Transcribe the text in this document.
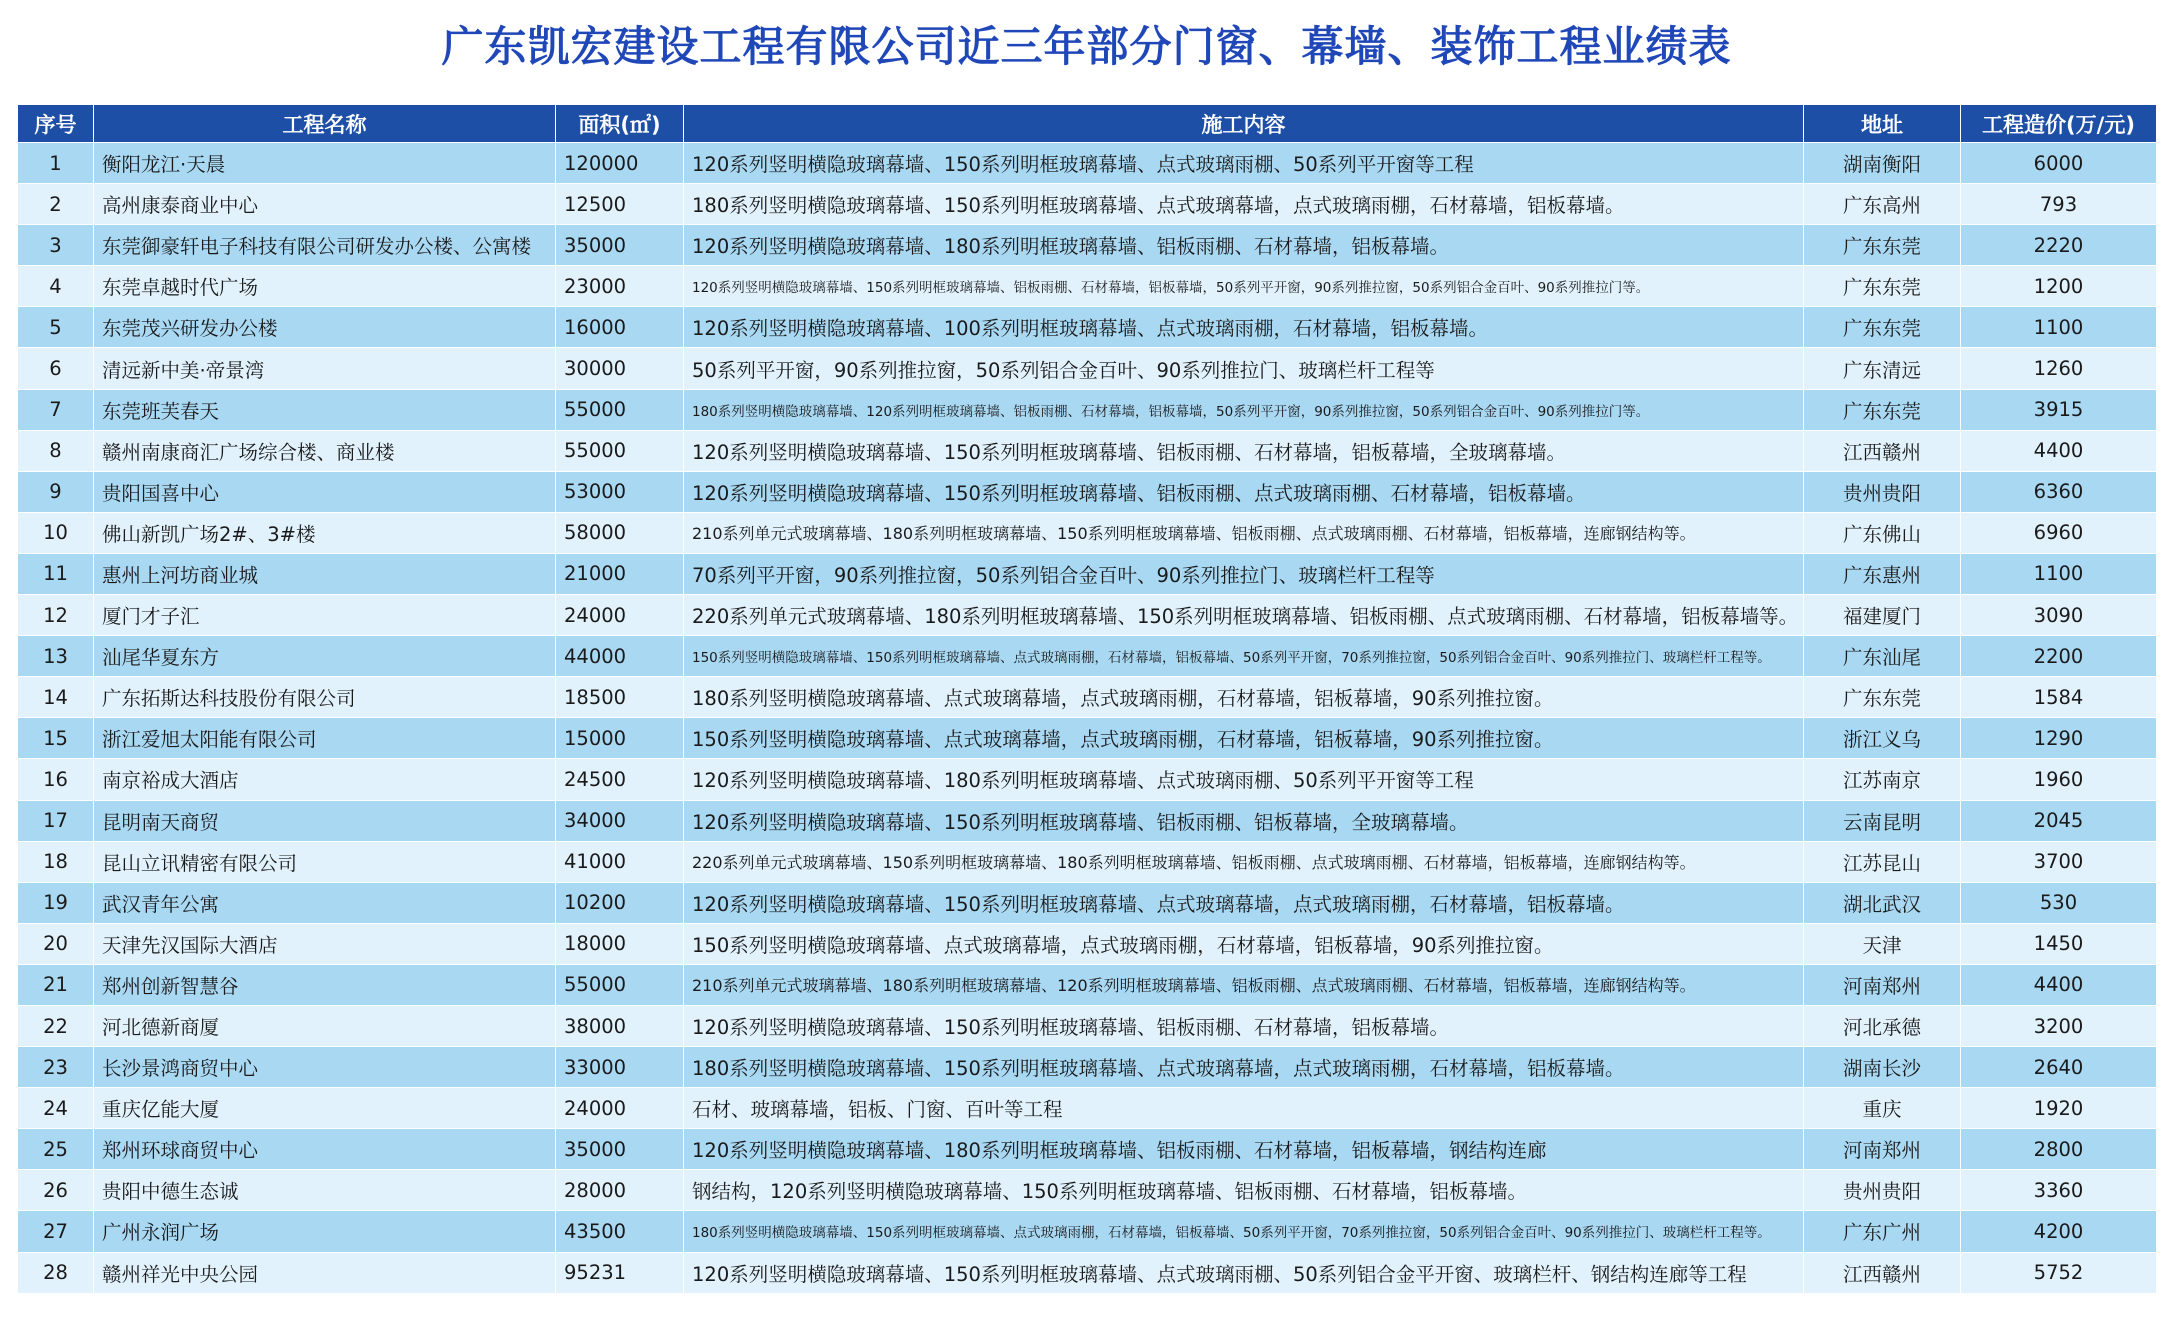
广东凯宏建设工程有限公司近三年部分门窗、幕墙、装饰工程业绩表
序号	工程名称	面积(㎡)	施工内容	地址	工程造价(万/元)
1	衡阳龙江·天晨	120000	120系列竖明横隐玻璃幕墙、150系列明框玻璃幕墙、点式玻璃雨棚、50系列平开窗等工程	湖南衡阳	6000
2	高州康泰商业中心	12500	180系列竖明横隐玻璃幕墙、150系列明框玻璃幕墙、点式玻璃幕墙，点式玻璃雨棚，石材幕墙，铝板幕墙。	广东高州	793
3	东莞御豪轩电子科技有限公司研发办公楼、公寓楼	35000	120系列竖明横隐玻璃幕墙、180系列明框玻璃幕墙、铝板雨棚、石材幕墙，铝板幕墙。	广东东莞	2220
4	东莞卓越时代广场	23000	120系列竖明横隐玻璃幕墙、150系列明框玻璃幕墙、铝板雨棚、石材幕墙，铝板幕墙，50系列平开窗，90系列推拉窗，50系列铝合金百叶、90系列推拉门等。	广东东莞	1200
5	东莞茂兴研发办公楼	16000	120系列竖明横隐玻璃幕墙、100系列明框玻璃幕墙、点式玻璃雨棚，石材幕墙，铝板幕墙。	广东东莞	1100
6	清远新中美·帝景湾	30000	50系列平开窗，90系列推拉窗，50系列铝合金百叶、90系列推拉门、玻璃栏杆工程等	广东清远	1260
7	东莞班芙春天	55000	180系列竖明横隐玻璃幕墙、120系列明框玻璃幕墙、铝板雨棚、石材幕墙，铝板幕墙，50系列平开窗，90系列推拉窗，50系列铝合金百叶、90系列推拉门等。	广东东莞	3915
8	赣州南康商汇广场综合楼、商业楼	55000	120系列竖明横隐玻璃幕墙、150系列明框玻璃幕墙、铝板雨棚、石材幕墙，铝板幕墙，全玻璃幕墙。	江西赣州	4400
9	贵阳国喜中心	53000	120系列竖明横隐玻璃幕墙、150系列明框玻璃幕墙、铝板雨棚、点式玻璃雨棚、石材幕墙，铝板幕墙。	贵州贵阳	6360
10	佛山新凯广场2#、3#楼	58000	210系列单元式玻璃幕墙、180系列明框玻璃幕墙、150系列明框玻璃幕墙、铝板雨棚、点式玻璃雨棚、石材幕墙，铝板幕墙，连廊钢结构等。	广东佛山	6960
11	惠州上河坊商业城	21000	70系列平开窗，90系列推拉窗，50系列铝合金百叶、90系列推拉门、玻璃栏杆工程等	广东惠州	1100
12	厦门才子汇	24000	220系列单元式玻璃幕墙、180系列明框玻璃幕墙、150系列明框玻璃幕墙、铝板雨棚、点式玻璃雨棚、石材幕墙，铝板幕墙等。	福建厦门	3090
13	汕尾华夏东方	44000	150系列竖明横隐玻璃幕墙、150系列明框玻璃幕墙、点式玻璃雨棚，石材幕墙，铝板幕墙、50系列平开窗，70系列推拉窗，50系列铝合金百叶、90系列推拉门、玻璃栏杆工程等。	广东汕尾	2200
14	广东拓斯达科技股份有限公司	18500	180系列竖明横隐玻璃幕墙、点式玻璃幕墙，点式玻璃雨棚，石材幕墙，铝板幕墙，90系列推拉窗。	广东东莞	1584
15	浙江爱旭太阳能有限公司	15000	150系列竖明横隐玻璃幕墙、点式玻璃幕墙，点式玻璃雨棚，石材幕墙，铝板幕墙，90系列推拉窗。	浙江义乌	1290
16	南京裕成大酒店	24500	120系列竖明横隐玻璃幕墙、180系列明框玻璃幕墙、点式玻璃雨棚、50系列平开窗等工程	江苏南京	1960
17	昆明南天商贸	34000	120系列竖明横隐玻璃幕墙、150系列明框玻璃幕墙、铝板雨棚、铝板幕墙，全玻璃幕墙。	云南昆明	2045
18	昆山立讯精密有限公司	41000	220系列单元式玻璃幕墙、150系列明框玻璃幕墙、180系列明框玻璃幕墙、铝板雨棚、点式玻璃雨棚、石材幕墙，铝板幕墙，连廊钢结构等。	江苏昆山	3700
19	武汉青年公寓	10200	120系列竖明横隐玻璃幕墙、150系列明框玻璃幕墙、点式玻璃幕墙，点式玻璃雨棚，石材幕墙，铝板幕墙。	湖北武汉	530
20	天津先汉国际大酒店	18000	150系列竖明横隐玻璃幕墙、点式玻璃幕墙，点式玻璃雨棚，石材幕墙，铝板幕墙，90系列推拉窗。	天津	1450
21	郑州创新智慧谷	55000	210系列单元式玻璃幕墙、180系列明框玻璃幕墙、120系列明框玻璃幕墙、铝板雨棚、点式玻璃雨棚、石材幕墙，铝板幕墙，连廊钢结构等。	河南郑州	4400
22	河北德新商厦	38000	120系列竖明横隐玻璃幕墙、150系列明框玻璃幕墙、铝板雨棚、石材幕墙，铝板幕墙。	河北承德	3200
23	长沙景鸿商贸中心	33000	180系列竖明横隐玻璃幕墙、150系列明框玻璃幕墙、点式玻璃幕墙，点式玻璃雨棚，石材幕墙，铝板幕墙。	湖南长沙	2640
24	重庆亿能大厦	24000	石材、玻璃幕墙，铝板、门窗、百叶等工程	重庆	1920
25	郑州环球商贸中心	35000	120系列竖明横隐玻璃幕墙、180系列明框玻璃幕墙、铝板雨棚、石材幕墙，铝板幕墙，钢结构连廊	河南郑州	2800
26	贵阳中德生态诚	28000	钢结构，120系列竖明横隐玻璃幕墙、150系列明框玻璃幕墙、铝板雨棚、石材幕墙，铝板幕墙。	贵州贵阳	3360
27	广州永润广场	43500	180系列竖明横隐玻璃幕墙、150系列明框玻璃幕墙、点式玻璃雨棚，石材幕墙，铝板幕墙、50系列平开窗，70系列推拉窗，50系列铝合金百叶、90系列推拉门、玻璃栏杆工程等。	广东广州	4200
28	赣州祥光中央公园	95231	120系列竖明横隐玻璃幕墙、150系列明框玻璃幕墙、点式玻璃雨棚、50系列铝合金平开窗、玻璃栏杆、钢结构连廊等工程	江西赣州	5752
